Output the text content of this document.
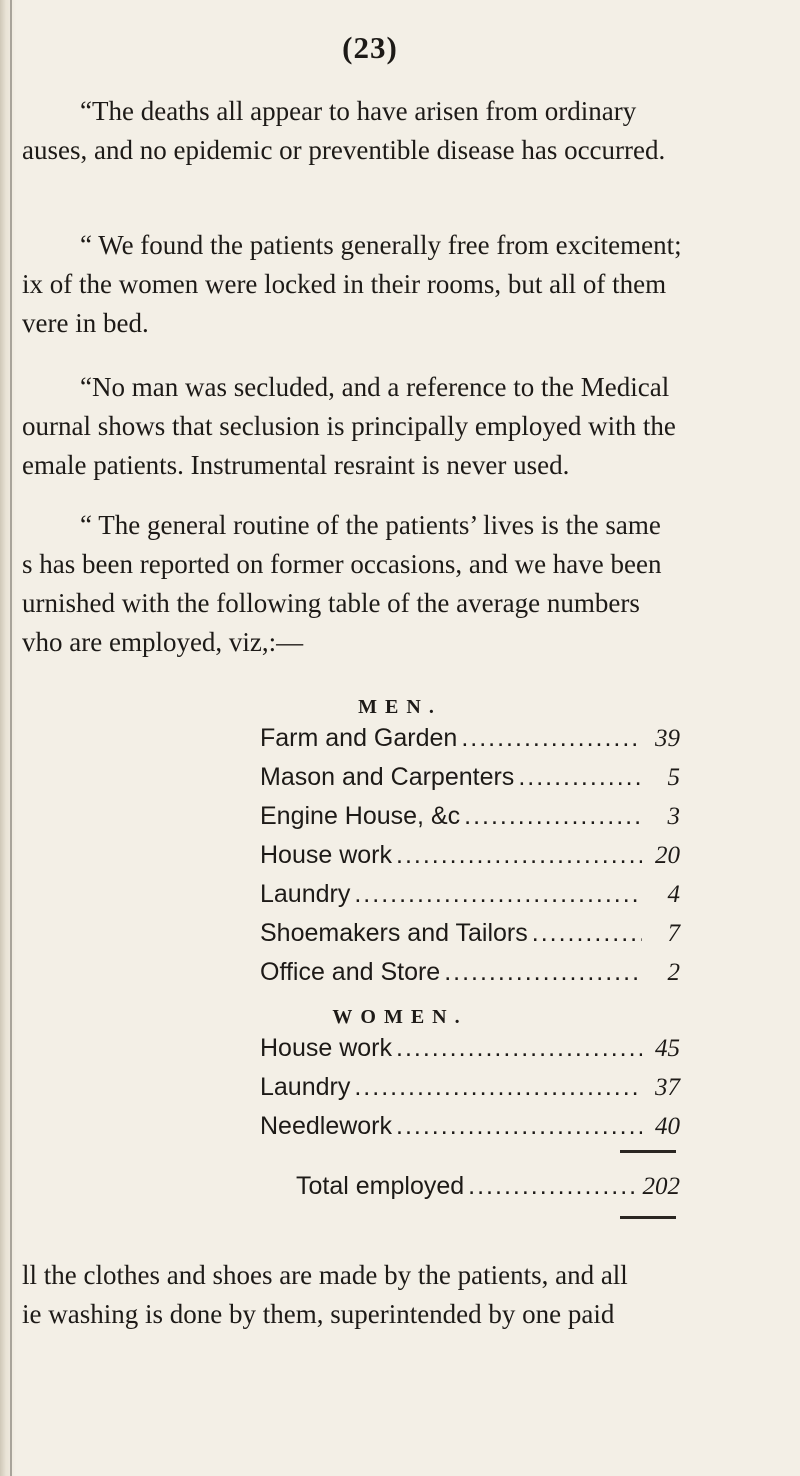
(23)
“The deaths all appear to have arisen from ordinary
auses, and no epidemic or preventible disease has occurred.
“ We found the patients generally free from excitement;
ix of the women were locked in their rooms, but all of them
vere in bed.
“No man was secluded, and a reference to the Medical
ournal shows that seclusion is principally employed with the
emale patients. Instrumental resraint is never used.
“ The general routine of the patients’ lives is the same
s has been reported on former occasions, and we have been
urnished with the following table of the average numbers
vho are employed, viz,:—
MEN.
Farm and Garden .....	39
Mason and Carpenters .....	5
Engine House, &c .....	3
House work .....	20
Laundry .....	4
Shoemakers and Tailors .....	7
Office and Store .....	2
WOMEN.
House work .....	45
Laundry .....	37
Needlework .....	40
Total employed .....	202
ll the clothes and shoes are made by the patients, and all
ie washing is done by them, superintended by one paid
